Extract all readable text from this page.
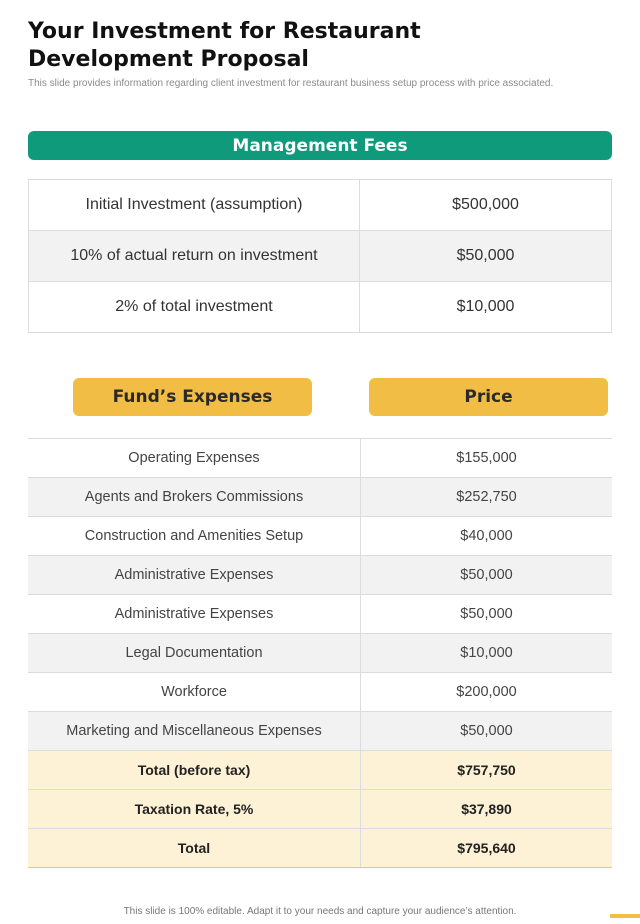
Your Investment for Restaurant Development Proposal

This slide provides information regarding client investment for restaurant business setup process with price associated.

Management Fees
Initial Investment (assumption)	$500,000
10% of actual return on investment	$50,000
2% of total investment	$10,000
Fund’s Expenses	Price
Operating Expenses	$155,000
Agents and Brokers Commissions	$252,750
Construction and Amenities Setup	$40,000
Administrative Expenses	$50,000
Administrative Expenses	$50,000
Legal Documentation	$10,000
Workforce	$200,000
Marketing and Miscellaneous Expenses	$50,000
Total (before tax)	$757,750
Taxation Rate, 5%	$37,890
Total	$795,640

This slide is 100% editable. Adapt it to your needs and capture your audience’s attention.
